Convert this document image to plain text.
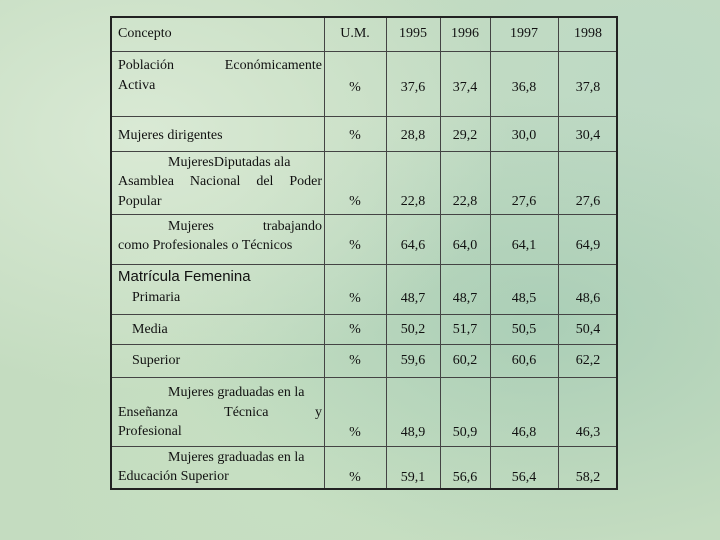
Concepto	U.M.	1995	1996	1997	1998
Población Económicamente
Activa	%	37,6	37,4	36,8	37,8
Mujeres dirigentes	%	28,8	29,2	30,0	30,4
MujeresDiputadas ala
Asamblea Nacional del Poder
Popular	%	22,8	22,8	27,6	27,6
Mujeres trabajando
como Profesionales o Técnicos	%	64,6	64,0	64,1	64,9
Matrícula Femenina
Primaria	%	48,7	48,7	48,5	48,6
Media	%	50,2	51,7	50,5	50,4
Superior	%	59,6	60,2	60,6	62,2
Mujeres graduadas en la
Enseñanza Técnica y
Profesional	%	48,9	50,9	46,8	46,3
Mujeres graduadas en la
Educación Superior	%	59,1	56,6	56,4	58,2
